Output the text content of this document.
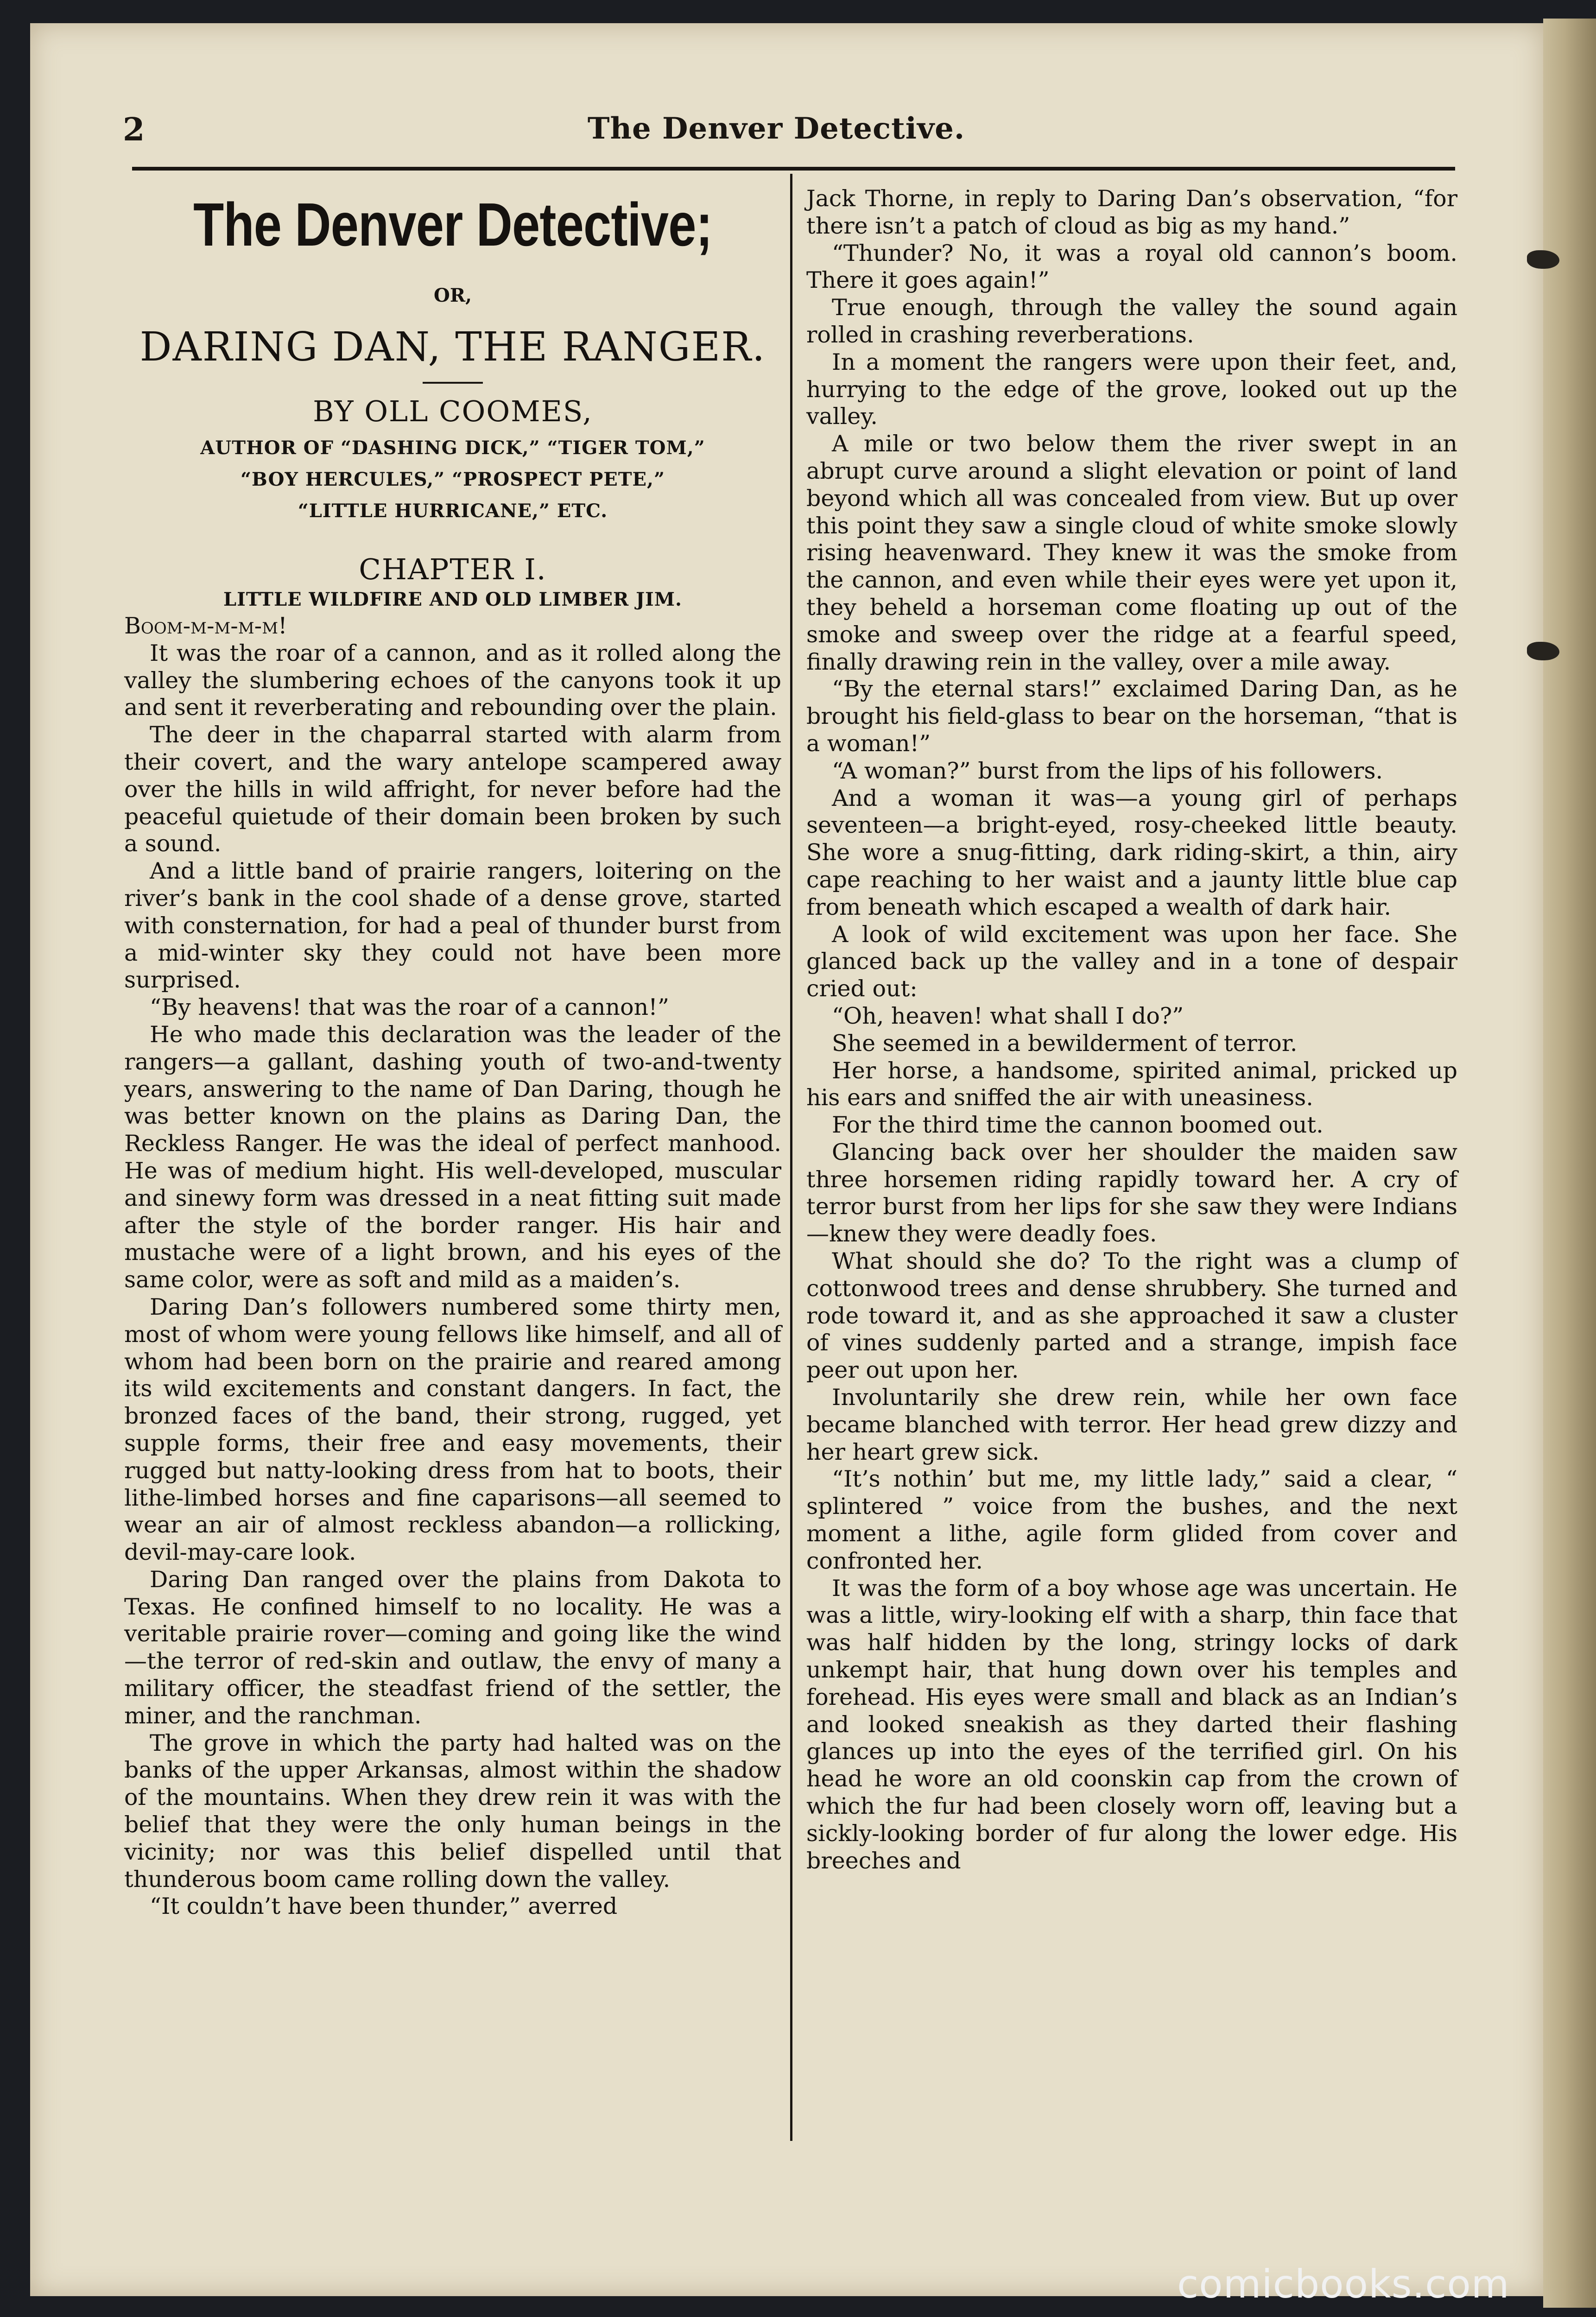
2	The Denver Detective.
The Denver Detective;
OR,
DARING DAN, THE RANGER.
BY OLL COOMES,
AUTHOR OF “DASHING DICK,” “TIGER TOM,”
“BOY HERCULES,” “PROSPECT PETE,”
“LITTLE HURRICANE,” ETC.
CHAPTER I.
LITTLE WILDFIRE AND OLD LIMBER JIM.

Boom-m-m-m-m!

It was the roar of a cannon, and as it rolled along the valley the slumbering echoes of the canyons took it up and sent it reverberating and rebounding over the plain.

The deer in the chaparral started with alarm from their covert, and the wary antelope scampered away over the hills in wild affright, for never before had the peaceful quietude of their domain been broken by such a sound.

And a little band of prairie rangers, loitering on the river’s bank in the cool shade of a dense grove, started with consternation, for had a peal of thunder burst from a mid-winter sky they could not have been more surprised.

“By heavens! that was the roar of a cannon!”

He who made this declaration was the leader of the rangers—a gallant, dashing youth of two-and-twenty years, answering to the name of Dan Daring, though he was better known on the plains as Daring Dan, the Reckless Ranger. He was the ideal of perfect manhood. He was of medium hight. His well-developed, muscular and sinewy form was dressed in a neat fitting suit made after the style of the border ranger. His hair and mustache were of a light brown, and his eyes of the same color, were as soft and mild as a maiden’s.

Daring Dan’s followers numbered some thirty men, most of whom were young fellows like himself, and all of whom had been born on the prairie and reared among its wild excitements and constant dangers. In fact, the bronzed faces of the band, their strong, rugged, yet supple forms, their free and easy movements, their rugged but natty-looking dress from hat to boots, their lithe-limbed horses and fine caparisons—all seemed to wear an air of almost reckless abandon—a rollicking, devil-may-care look.

Daring Dan ranged over the plains from Dakota to Texas. He confined himself to no locality. He was a veritable prairie rover—coming and going like the wind—the terror of red-skin and outlaw, the envy of many a military officer, the steadfast friend of the settler, the miner, and the ranchman.

The grove in which the party had halted was on the banks of the upper Arkansas, almost within the shadow of the mountains. When they drew rein it was with the belief that they were the only human beings in the vicinity; nor was this belief dispelled until that thunderous boom came rolling down the valley.

“It couldn’t have been thunder,” averred

Jack Thorne, in reply to Daring Dan’s observation, “for there isn’t a patch of cloud as big as my hand.”

“Thunder? No, it was a royal old cannon’s boom. There it goes again!”

True enough, through the valley the sound again rolled in crashing reverberations.

In a moment the rangers were upon their feet, and, hurrying to the edge of the grove, looked out up the valley.

A mile or two below them the river swept in an abrupt curve around a slight elevation or point of land beyond which all was concealed from view. But up over this point they saw a single cloud of white smoke slowly rising heavenward. They knew it was the smoke from the cannon, and even while their eyes were yet upon it, they beheld a horseman come floating up out of the smoke and sweep over the ridge at a fearful speed, finally drawing rein in the valley, over a mile away.

“By the eternal stars!” exclaimed Daring Dan, as he brought his field-glass to bear on the horseman, “that is a woman!”

“A woman?” burst from the lips of his followers.

And a woman it was—a young girl of perhaps seventeen—a bright-eyed, rosy-cheeked little beauty. She wore a snug-fitting, dark riding-skirt, a thin, airy cape reaching to her waist and a jaunty little blue cap from beneath which escaped a wealth of dark hair.

A look of wild excitement was upon her face. She glanced back up the valley and in a tone of despair cried out:

“Oh, heaven! what shall I do?”

She seemed in a bewilderment of terror.

Her horse, a handsome, spirited animal, pricked up his ears and sniffed the air with uneasiness.

For the third time the cannon boomed out.

Glancing back over her shoulder the maiden saw three horsemen riding rapidly toward her. A cry of terror burst from her lips for she saw they were Indians—knew they were deadly foes.

What should she do? To the right was a clump of cottonwood trees and dense shrubbery. She turned and rode toward it, and as she approached it saw a cluster of vines suddenly parted and a strange, impish face peer out upon her.

Involuntarily she drew rein, while her own face became blanched with terror. Her head grew dizzy and her heart grew sick.

“It’s nothin’ but me, my little lady,” said a clear, “ splintered ” voice from the bushes, and the next moment a lithe, agile form glided from cover and confronted her.

It was the form of a boy whose age was uncertain. He was a little, wiry-looking elf with a sharp, thin face that was half hidden by the long, stringy locks of dark unkempt hair, that hung down over his temples and forehead. His eyes were small and black as an Indian’s and looked sneakish as they darted their flashing glances up into the eyes of the terrified girl. On his head he wore an old coonskin cap from the crown of which the fur had been closely worn off, leaving but a sickly-looking border of fur along the lower edge. His breeches and

comicbooks.com
